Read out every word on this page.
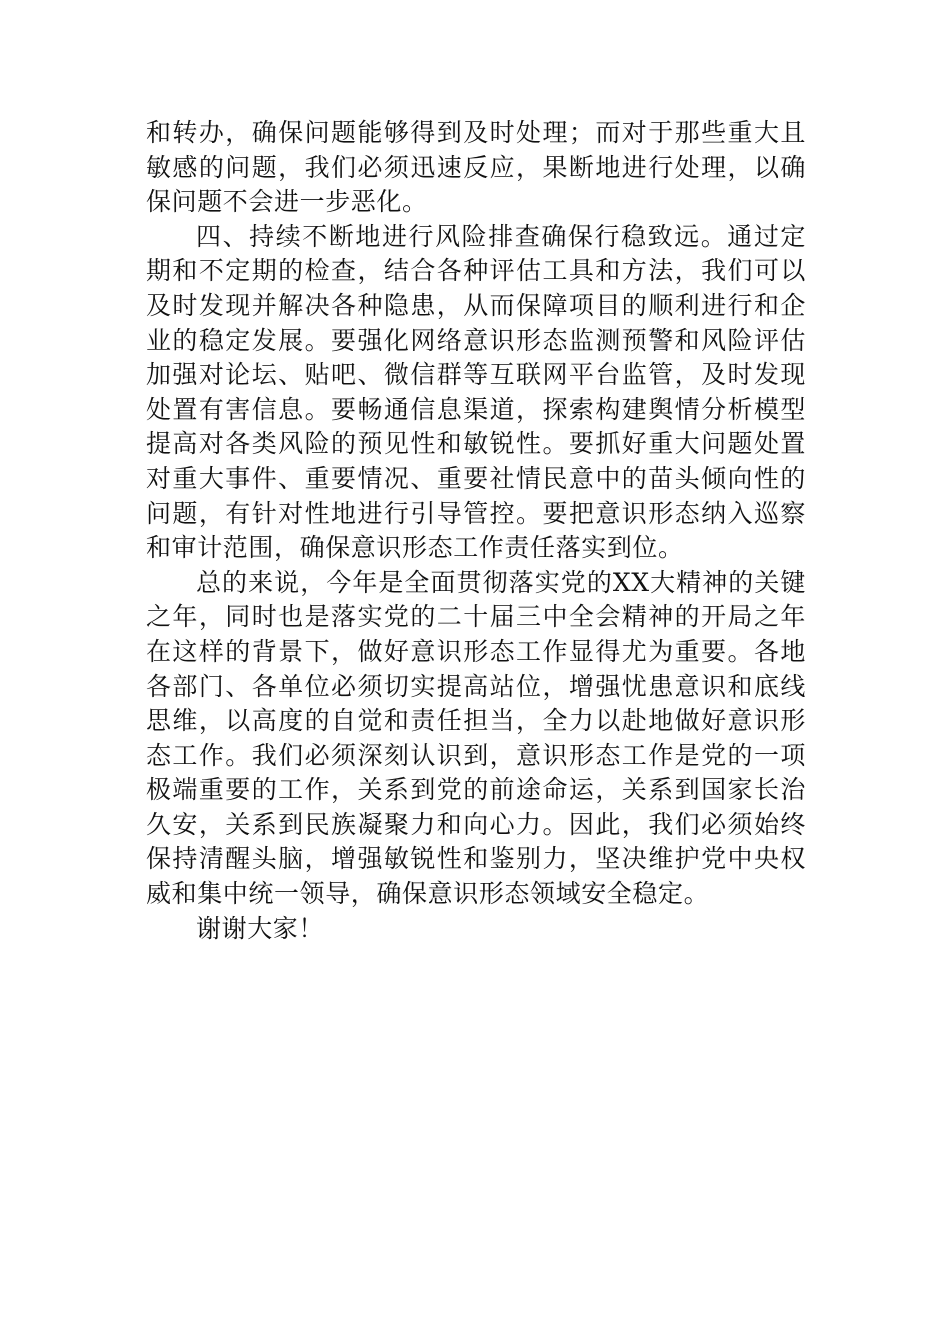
和转办，确保问题能够得到及时处理；而对于那些重大且敏感的问题，我们必须迅速反应，果断地进行处理，以确保问题不会进一步恶化。

四、持续不断地进行风险排查确保行稳致远。通过定期和不定期的检查，结合各种评估工具和方法，我们可以及时发现并解决各种隐患，从而保障项目的顺利进行和企业的稳定发展。要强化网络意识形态监测预警和风险评估加强对论坛、贴吧、微信群等互联网平台监管，及时发现处置有害信息。要畅通信息渠道，探索构建舆情分析模型提高对各类风险的预见性和敏锐性。要抓好重大问题处置对重大事件、重要情况、重要社情民意中的苗头倾向性的问题，有针对性地进行引导管控。要把意识形态纳入巡察和审计范围，确保意识形态工作责任落实到位。

总的来说，今年是全面贯彻落实党的XX大精神的关键之年，同时也是落实党的二十届三中全会精神的开局之年在这样的背景下，做好意识形态工作显得尤为重要。各地各部门、各单位必须切实提高站位，增强忧患意识和底线思维，以高度的自觉和责任担当，全力以赴地做好意识形态工作。我们必须深刻认识到，意识形态工作是党的一项极端重要的工作，关系到党的前途命运，关系到国家长治久安，关系到民族凝聚力和向心力。因此，我们必须始终保持清醒头脑，增强敏锐性和鉴别力，坚决维护党中央权威和集中统一领导，确保意识形态领域安全稳定。

谢谢大家！
